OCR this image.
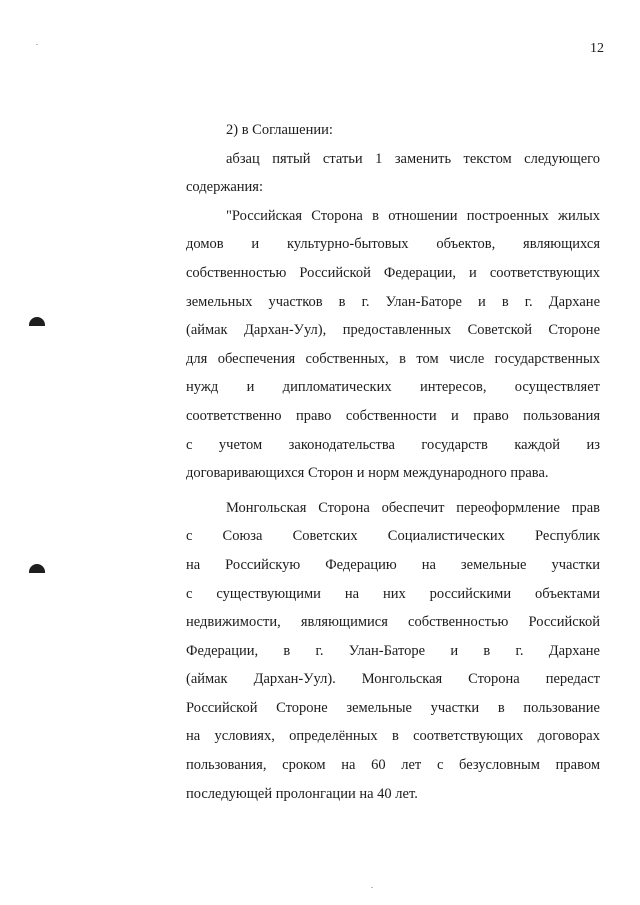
12
2) в Соглашении:
абзац пятый статьи 1 заменить текстом следующего
содержания:
"Российская Сторона в отношении построенных жилых
домов и культурно-бытовых объектов, являющихся
собственностью Российской Федерации, и соответствующих
земельных участков в г. Улан-Баторе и в г. Дархане
(аймак Дархан-Уул), предоставленных Советской Стороне
для обеспечения собственных, в том числе государственных
нужд и дипломатических интересов, осуществляет
соответственно право собственности и право пользования
с учетом законодательства государств каждой из
договаривающихся Сторон и норм международного права.
Монгольская Сторона обеспечит переоформление прав
с Союза Советских Социалистических Республик
на Российскую Федерацию на земельные участки
с существующими на них российскими объектами
недвижимости, являющимися собственностью Российской
Федерации, в г. Улан-Баторе и в г. Дархане
(аймак Дархан-Уул). Монгольская Сторона передаст
Российской Стороне земельные участки в пользование
на условиях, определённых в соответствующих договорах
пользования, сроком на 60 лет с безусловным правом
последующей пролонгации на 40 лет.
